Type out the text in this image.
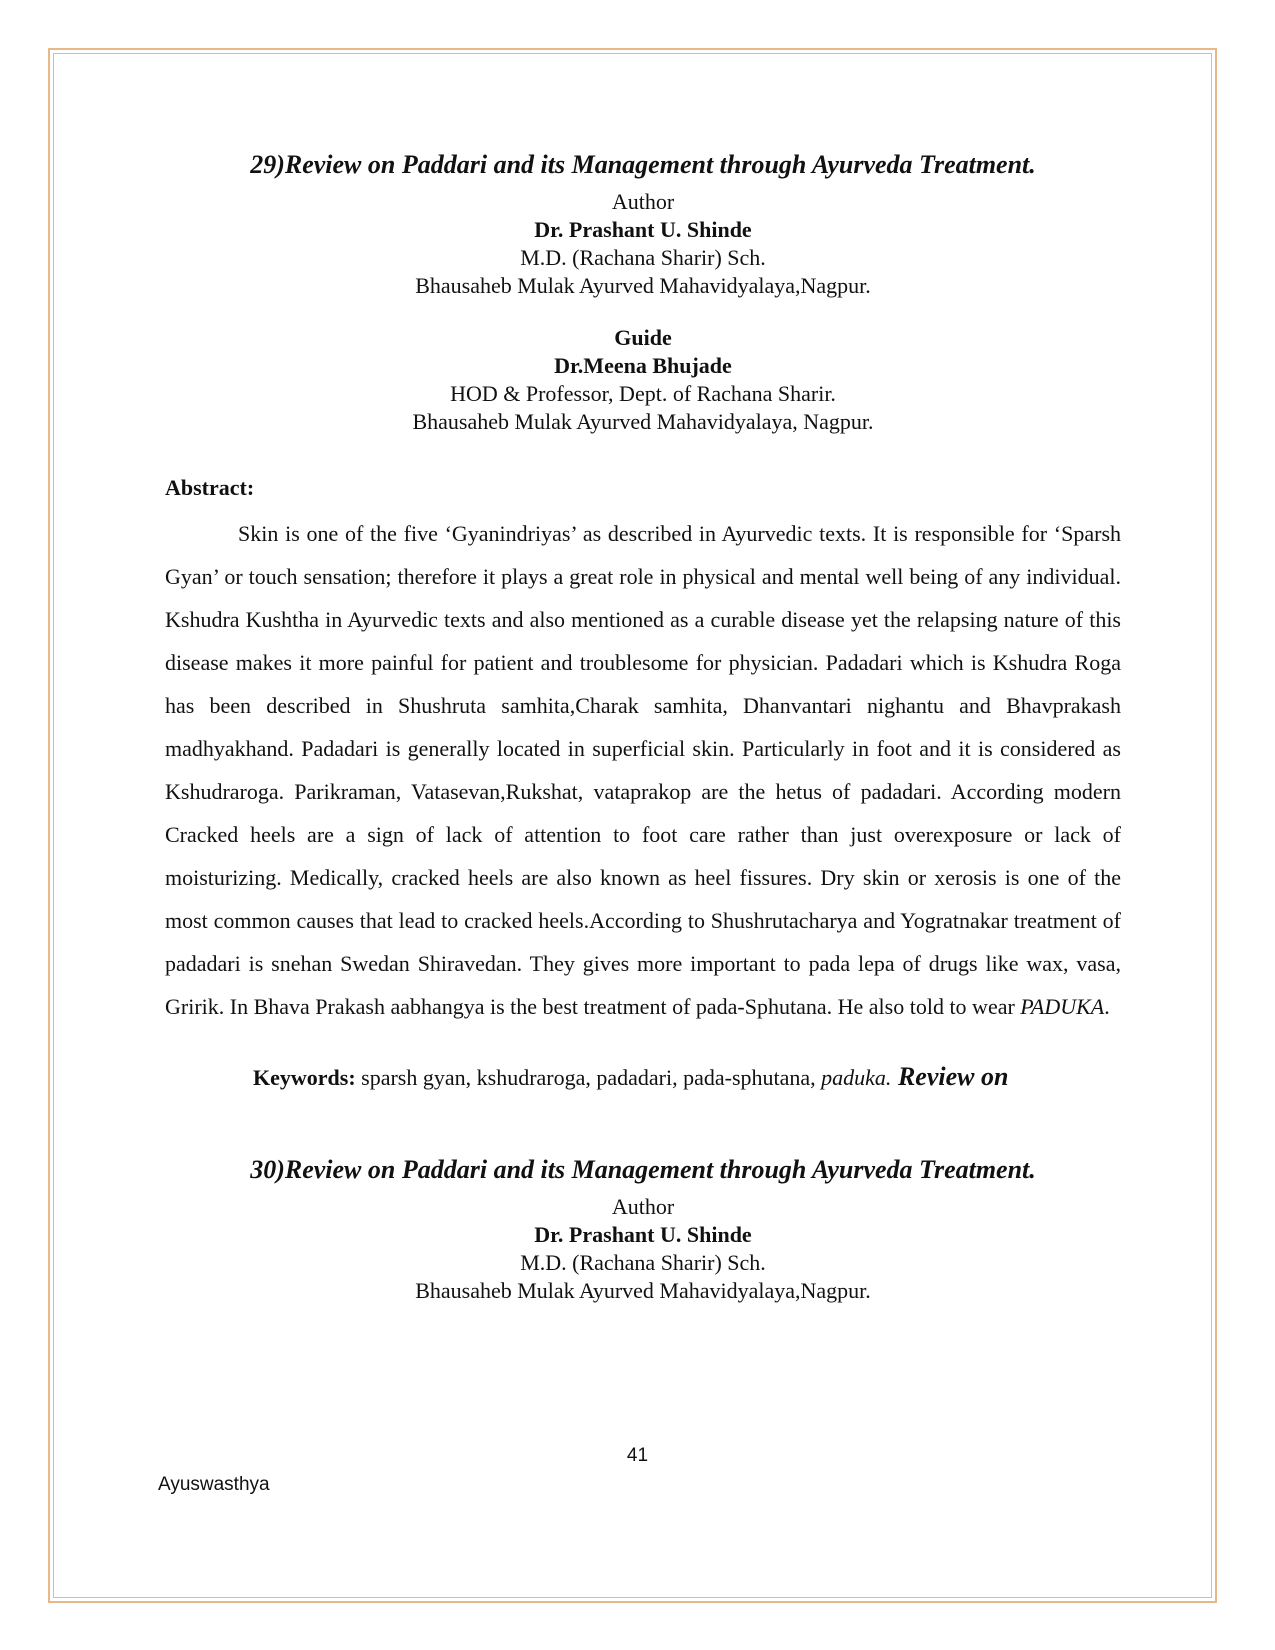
29)Review on Paddari and its Management through Ayurveda Treatment.
Author
Dr. Prashant U. Shinde
M.D. (Rachana Sharir) Sch.
Bhausaheb Mulak Ayurved Mahavidyalaya,Nagpur.
Guide
Dr.Meena Bhujade
HOD & Professor, Dept. of Rachana Sharir.
Bhausaheb Mulak Ayurved Mahavidyalaya, Nagpur.
Abstract:

Skin is one of the five ‘Gyanindriyas’ as described in Ayurvedic texts. It is responsible for ‘Sparsh Gyan’ or touch sensation; therefore it plays a great role in physical and mental well being of any individual. Kshudra Kushtha in Ayurvedic texts and also mentioned as a curable disease yet the relapsing nature of this disease makes it more painful for patient and troublesome for physician. Padadari which is Kshudra Roga has been described in Shushruta samhita,Charak samhita, Dhanvantari nighantu and Bhavprakash madhyakhand. Padadari is generally located in superficial skin. Particularly in foot and it is considered as Kshudraroga. Parikraman, Vatasevan,Rukshat, vataprakop are the hetus of padadari. According modern Cracked heels are a sign of lack of attention to foot care rather than just overexposure or lack of moisturizing. Medically, cracked heels are also known as heel fissures. Dry skin or xerosis is one of the most common causes that lead to cracked heels.According to Shushrutacharya and Yogratnakar treatment of padadari is snehan Swedan Shiravedan. They gives more important to pada lepa of drugs like wax, vasa, Gririk. In Bhava Prakash aabhangya is the best treatment of pada-Sphutana. He also told to wear PADUKA.

Keywords: sparsh gyan, kshudraroga, padadari, pada-sphutana, paduka. Review on
30)Review on Paddari and its Management through Ayurveda Treatment.
Author
Dr. Prashant U. Shinde
M.D. (Rachana Sharir) Sch.
Bhausaheb Mulak Ayurved Mahavidyalaya,Nagpur.
41
Ayuswasthya
